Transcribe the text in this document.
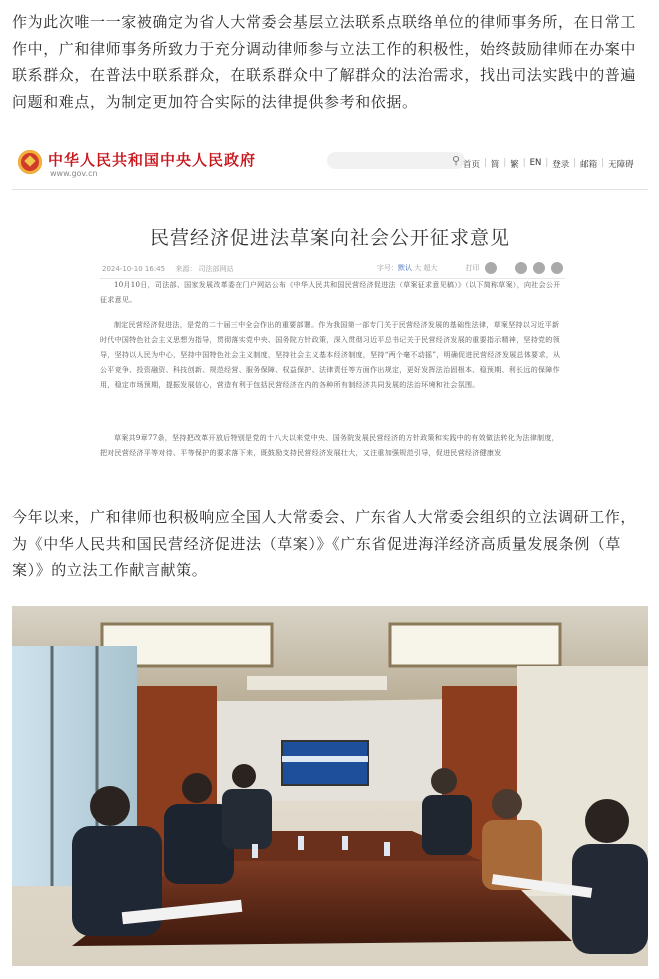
作为此次唯一一家被确定为省人大常委会基层立法联系点联络单位的律师事务所，在日常工作中，广和律师事务所致力于充分调动律师参与立法工作的积极性，始终鼓励律师在办案中联系群众，在普法中联系群众，在联系群众中了解群众的法治需求，找出司法实践中的普遍问题和难点，为制定更加符合实际的法律提供参考和依据。

中华人民共和国中央人民政府
www.gov.cn
⚲ 首页 | 简 | 繁 | EN | 登录 | 邮箱 | 无障碍
民营经济促进法草案向社会公开征求意见
2024-10-10 16:45 来源： 司法部网站	字号： 默认
大
超大	打印

10月10日，司法部、国家发展改革委在门户网站公布《中华人民共和国民营经济促进法（草案征求意见稿）》（以下简称草案），向社会公开征求意见。

制定民营经济促进法，是党的二十届三中全会作出的重要部署。作为我国第一部专门关于民营经济发展的基础性法律，草案坚持以习近平新时代中国特色社会主义思想为指导，贯彻落实党中央、国务院方针政策，深入贯彻习近平总书记关于民营经济发展的重要指示精神，坚持党的领导，坚持以人民为中心，坚持中国特色社会主义制度，坚持社会主义基本经济制度，坚持“两个毫不动摇”，明确促进民营经济发展总体要求，从公平竞争、投资融资、科技创新、规范经营、服务保障、权益保护、法律责任等方面作出规定，更好发挥法治固根本、稳预期、利长远的保障作用，稳定市场预期，提振发展信心，营造有利于包括民营经济在内的各种所有制经济共同发展的法治环境和社会氛围。

草案共9章77条，坚持把改革开放后特别是党的十八大以来党中央、国务院发展民营经济的方针政策和实践中的有效做法转化为法律制度，把对民营经济平等对待、平等保护的要求落下来，既鼓励支持民营经济发展壮大，又注重加强规范引导，促进民营经济健康发

今年以来，广和律师也积极响应全国人大常委会、广东省人大常委会组织的立法调研工作，为《中华人民共和国民营经济促进法（草案）》《广东省促进海洋经济高质量发展条例（草案）》的立法工作献言献策。
